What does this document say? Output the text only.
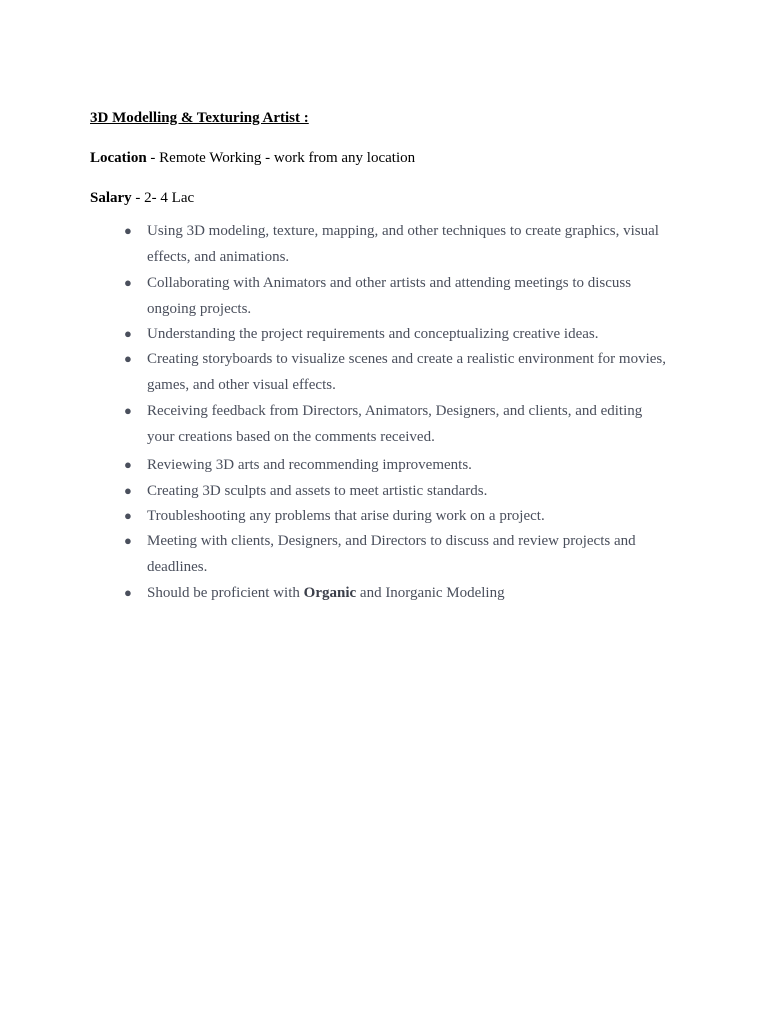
3D Modelling & Texturing Artist :
Location - Remote Working - work from any location
Salary - 2- 4 Lac
● Using 3D modeling, texture, mapping, and other techniques to create graphics, visual effects, and animations.
● Collaborating with Animators and other artists and attending meetings to discuss ongoing projects.
● Understanding the project requirements and conceptualizing creative ideas.
● Creating storyboards to visualize scenes and create a realistic environment for movies, games, and other visual effects.
● Receiving feedback from Directors, Animators, Designers, and clients, and editing your creations based on the comments received.
● Reviewing 3D arts and recommending improvements.
● Creating 3D sculpts and assets to meet artistic standards.
● Troubleshooting any problems that arise during work on a project.
● Meeting with clients, Designers, and Directors to discuss and review projects and deadlines.
● Should be proficient with Organic and Inorganic Modeling
